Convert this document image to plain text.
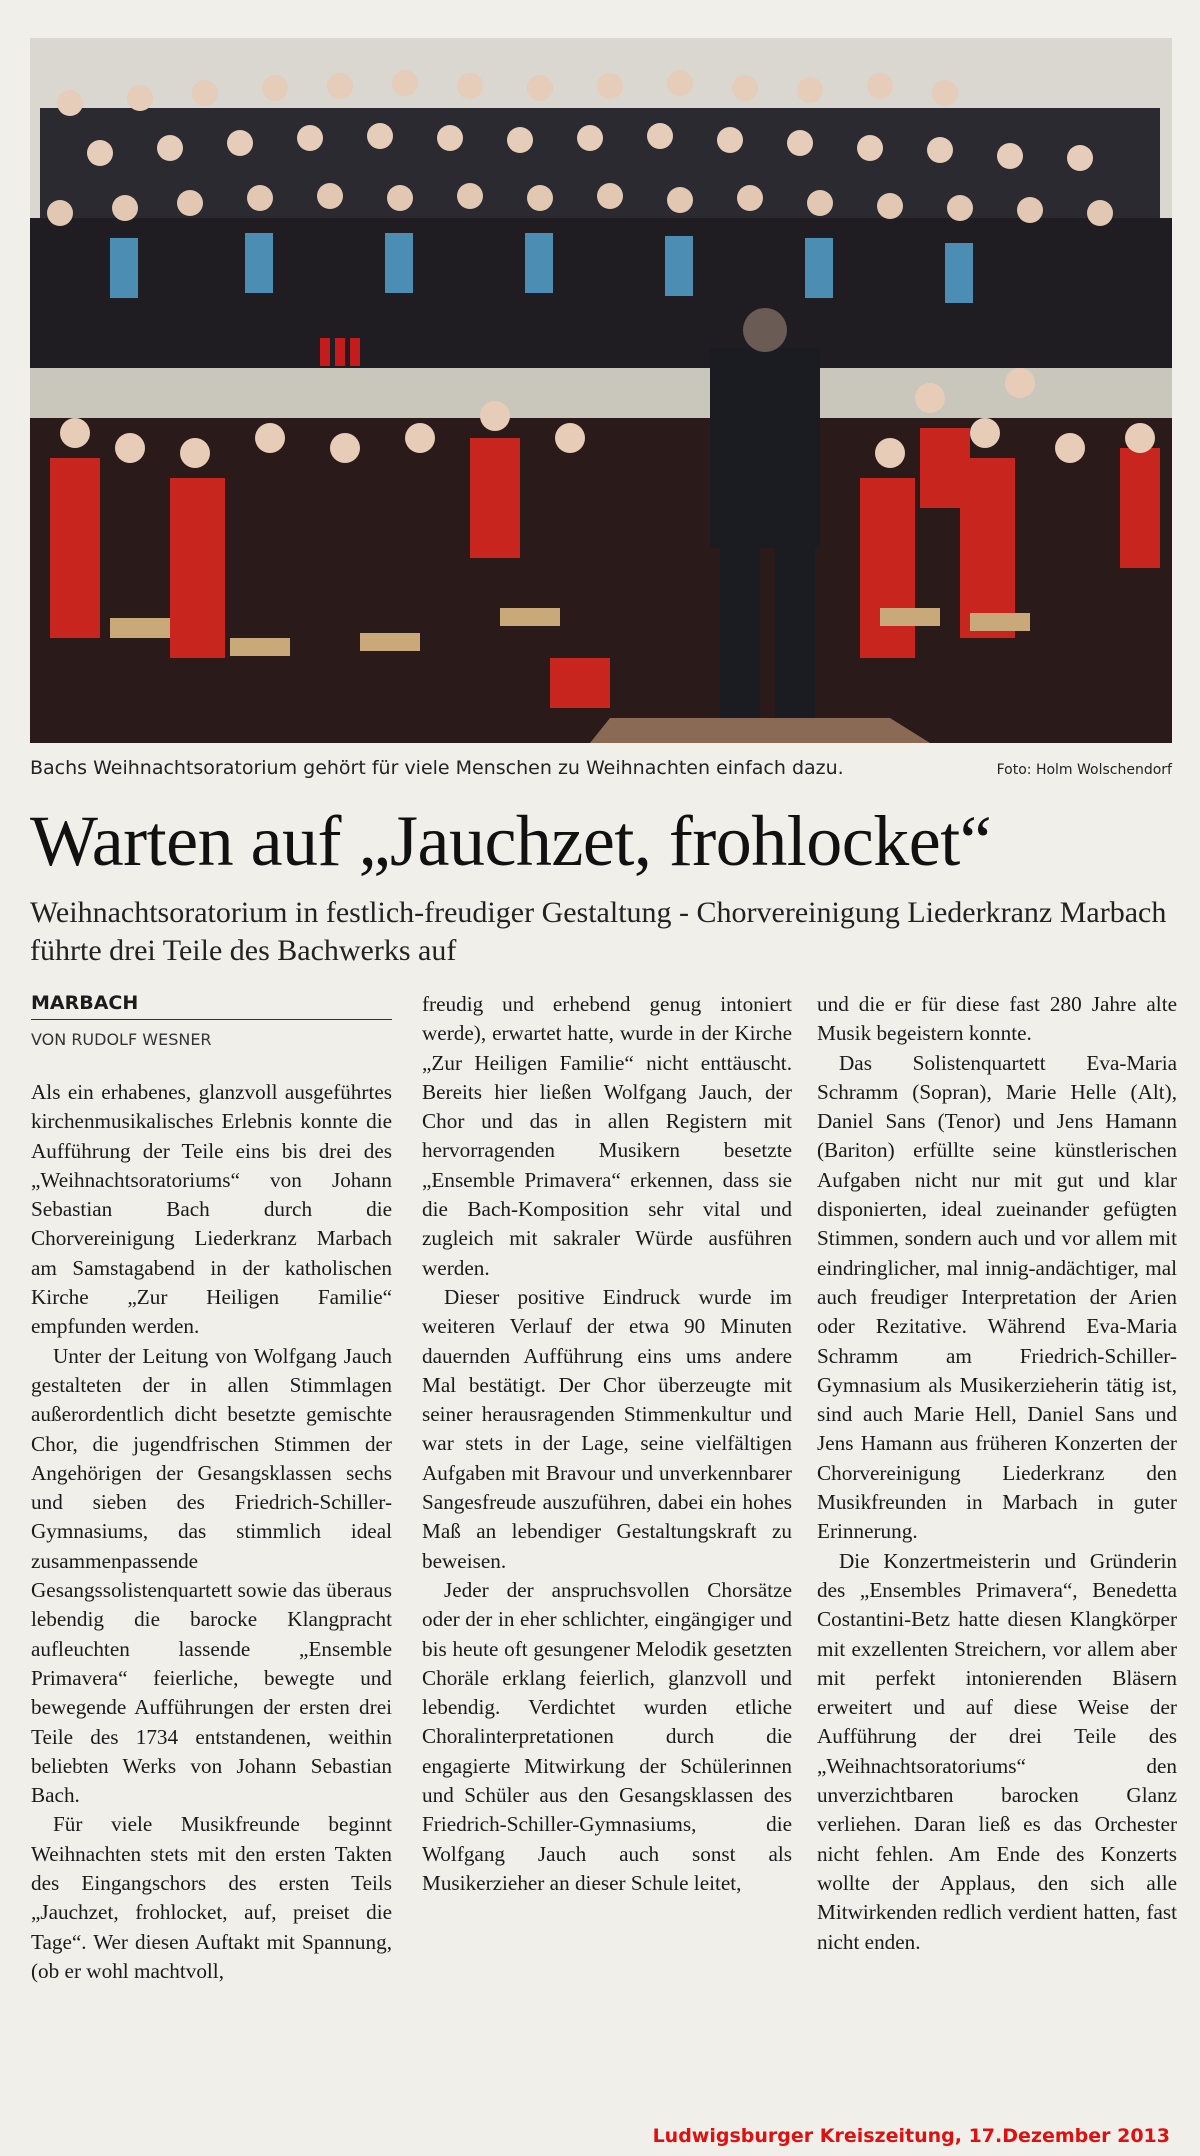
Bachs Weihnachtsoratorium gehört für viele Menschen zu Weihnachten einfach dazu.	Foto: Holm Wolschendorf
Warten auf „Jauchzet, frohlocket“
Weihnachtsoratorium in festlich-freudiger Gestaltung - Chorvereinigung Liederkranz Marbach führte drei Teile des Bachwerks auf
MARBACH
VON RUDOLF WESNER

Als ein erhabenes, glanzvoll ausgeführtes kirchenmusikalisches Erlebnis konnte die Aufführung der Teile eins bis drei des „Weihnachtsoratoriums“ von Johann Sebastian Bach durch die Chorvereinigung Liederkranz Marbach am Samstagabend in der katholischen Kirche „Zur Heiligen Familie“ empfunden werden.

Unter der Leitung von Wolfgang Jauch gestalteten der in allen Stimmlagen außerordentlich dicht besetzte gemischte Chor, die jugendfrischen Stimmen der Angehörigen der Gesangsklassen sechs und sieben des Friedrich-Schiller-Gymnasiums, das stimmlich ideal zusammenpassende Gesangssolistenquartett sowie das überaus lebendig die barocke Klangpracht aufleuchten lassende „Ensemble Primavera“ feierliche, bewegte und bewegende Aufführungen der ersten drei Teile des 1734 entstandenen, weithin beliebten Werks von Johann Sebastian Bach.

Für viele Musikfreunde beginnt Weihnachten stets mit den ersten Takten des Eingangschors des ersten Teils „Jauchzet, frohlocket, auf, preiset die Tage“. Wer diesen Auftakt mit Spannung, (ob er wohl machtvoll,

freudig und erhebend genug intoniert werde), erwartet hatte, wurde in der Kirche „Zur Heiligen Familie“ nicht enttäuscht. Bereits hier ließen Wolfgang Jauch, der Chor und das in allen Registern mit hervorragenden Musikern besetzte „Ensemble Primavera“ erkennen, dass sie die Bach-Komposition sehr vital und zugleich mit sakraler Würde ausführen werden.

Dieser positive Eindruck wurde im weiteren Verlauf der etwa 90 Minuten dauernden Aufführung eins ums andere Mal bestätigt. Der Chor überzeugte mit seiner herausragenden Stimmenkultur und war stets in der Lage, seine vielfältigen Aufgaben mit Bravour und unverkennbarer Sangesfreude auszuführen, dabei ein hohes Maß an lebendiger Gestaltungskraft zu beweisen.

Jeder der anspruchsvollen Chorsätze oder der in eher schlichter, eingängiger und bis heute oft gesungener Melodik gesetzten Choräle erklang feierlich, glanzvoll und lebendig. Verdichtet wurden etliche Choralinterpretationen durch die engagierte Mitwirkung der Schülerinnen und Schüler aus den Gesangsklassen des Friedrich-Schiller-Gymnasiums, die Wolfgang Jauch auch sonst als Musikerzieher an dieser Schule leitet,

und die er für diese fast 280 Jahre alte Musik begeistern konnte.

Das Solistenquartett Eva-Maria Schramm (Sopran), Marie Helle (Alt), Daniel Sans (Tenor) und Jens Hamann (Bariton) erfüllte seine künstlerischen Aufgaben nicht nur mit gut und klar disponierten, ideal zueinander gefügten Stimmen, sondern auch und vor allem mit eindringlicher, mal innig-andächtiger, mal auch freudiger Interpretation der Arien oder Rezitative. Während Eva-Maria Schramm am Friedrich-Schiller-Gymnasium als Musikerzieherin tätig ist, sind auch Marie Hell, Daniel Sans und Jens Hamann aus früheren Konzerten der Chorvereinigung Liederkranz den Musikfreunden in Marbach in guter Erinnerung.

Die Konzertmeisterin und Gründerin des „Ensembles Primavera“, Benedetta Costantini-Betz hatte diesen Klangkörper mit exzellenten Streichern, vor allem aber mit perfekt intonierenden Bläsern erweitert und auf diese Weise der Aufführung der drei Teile des „Weihnachtsoratoriums“ den unverzichtbaren barocken Glanz verliehen. Daran ließ es das Orchester nicht fehlen. Am Ende des Konzerts wollte der Applaus, den sich alle Mitwirkenden redlich verdient hatten, fast nicht enden.

Ludwigsburger Kreiszeitung, 17.Dezember 2013
